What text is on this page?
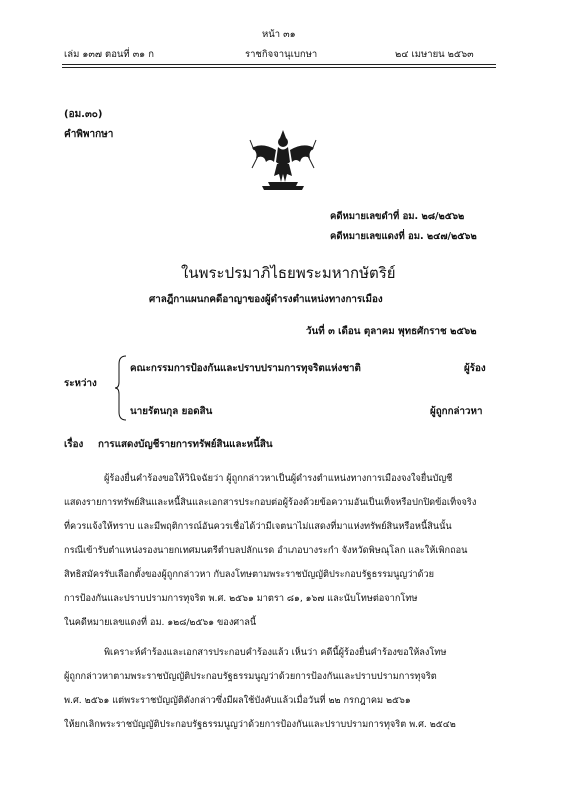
หน้า ๓๑
เล่ม ๑๓๗ ตอนที่ ๓๑ ก	ราชกิจจานุเบกษา	๒๔ เมษายน ๒๕๖๓
(อม.๓๐)
คำพิพากษา
คดีหมายเลขดำที่ อม. ๒๘/๒๕๖๒
คดีหมายเลขแดงที่ อม. ๒๔๗/๒๕๖๒
ในพระปรมาภิไธยพระมหากษัตริย์
ศาลฎีกาแผนกคดีอาญาของผู้ดำรงตำแหน่งทางการเมือง
วันที่ ๓ เดือน ตุลาคม พุทธศักราช ๒๕๖๒
ระหว่าง
คณะกรรมการป้องกันและปราบปรามการทุจริตแห่งชาติ	ผู้ร้อง
นายรัตนกุล ยอดสิน	ผู้ถูกกล่าวหา
เรื่อง การแสดงบัญชีรายการทรัพย์สินและหนี้สิน
ผู้ร้องยื่นคำร้องขอให้วินิจฉัยว่า ผู้ถูกกล่าวหาเป็นผู้ดำรงตำแหน่งทางการเมืองจงใจยื่นบัญชี
แสดงรายการทรัพย์สินและหนี้สินและเอกสารประกอบต่อผู้ร้องด้วยข้อความอันเป็นเท็จหรือปกปิดข้อเท็จจริง
ที่ควรแจ้งให้ทราบ และมีพฤติการณ์อันควรเชื่อได้ว่ามีเจตนาไม่แสดงที่มาแห่งทรัพย์สินหรือหนี้สินนั้น
กรณีเข้ารับตำแหน่งรองนายกเทศมนตรีตำบลปลักแรด อำเภอบางระกำ จังหวัดพิษณุโลก และให้เพิกถอน
สิทธิสมัครรับเลือกตั้งของผู้ถูกกล่าวหา กับลงโทษตามพระราชบัญญัติประกอบรัฐธรรมนูญว่าด้วย
การป้องกันและปราบปรามการทุจริต พ.ศ. ๒๕๖๑ มาตรา ๘๑, ๑๖๗ และนับโทษต่อจากโทษ
ในคดีหมายเลขแดงที่ อม. ๑๒๘/๒๕๖๑ ของศาลนี้
พิเคราะห์คำร้องและเอกสารประกอบคำร้องแล้ว เห็นว่า คดีนี้ผู้ร้องยื่นคำร้องขอให้ลงโทษ
ผู้ถูกกล่าวหาตามพระราชบัญญัติประกอบรัฐธรรมนูญว่าด้วยการป้องกันและปราบปรามการทุจริต
พ.ศ. ๒๕๖๑ แต่พระราชบัญญัติดังกล่าวซึ่งมีผลใช้บังคับแล้วเมื่อวันที่ ๒๒ กรกฎาคม ๒๕๖๑
ให้ยกเลิกพระราชบัญญัติประกอบรัฐธรรมนูญว่าด้วยการป้องกันและปราบปรามการทุจริต พ.ศ. ๒๕๔๒
